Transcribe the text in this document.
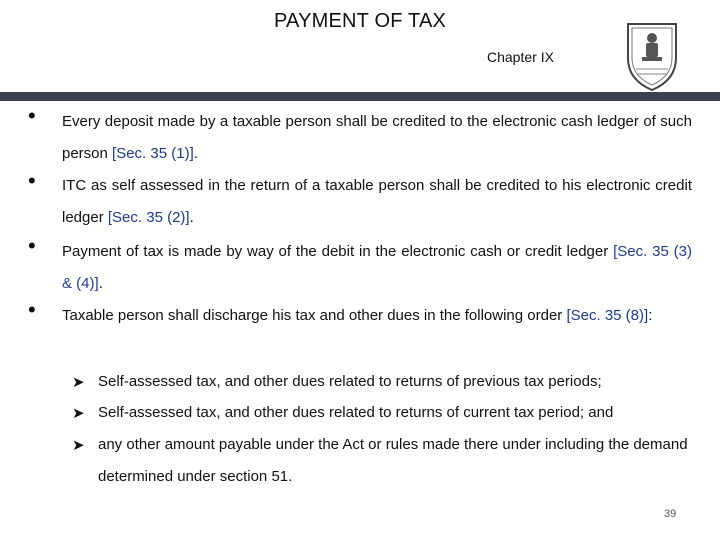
PAYMENT OF TAX
Chapter IX
•	Every deposit made by a taxable person shall be credited to the electronic cash ledger of such person [Sec. 35 (1)].
•	ITC as self assessed in the return of a taxable person shall be credited to his electronic credit ledger [Sec. 35 (2)].
•	Payment of tax is made by way of the debit in the electronic cash or credit ledger [Sec. 35 (3) & (4)].
•	Taxable person shall discharge his tax and other dues in the following order [Sec. 35 (8)]:
➤ Self-assessed tax, and other dues related to returns of previous tax periods;
➤ Self-assessed tax, and other dues related to returns of current tax period; and
➤ any other amount payable under the Act or rules made there under including the demand determined under section 51.
39
